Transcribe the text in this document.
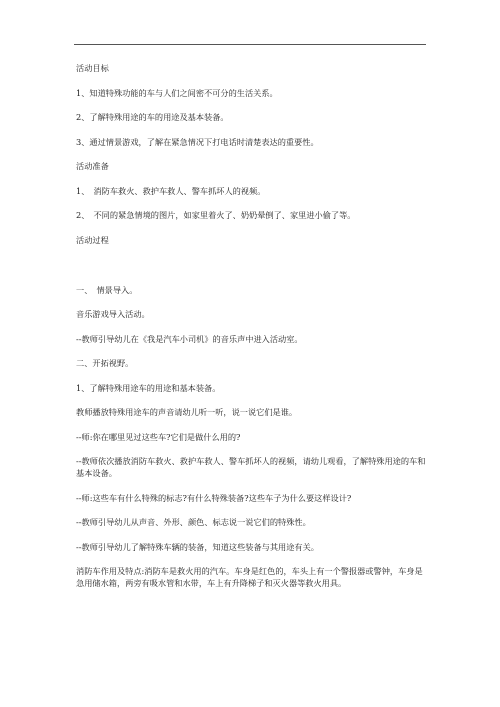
活动目标

1、知道特殊功能的车与人们之间密不可分的生活关系。

2、了解特殊用途的车的用途及基本装备。

3、通过情景游戏，了解在紧急情况下打电话时清楚表达的重要性。

活动准备

1、　消防车救火、救护车救人、警车抓坏人的视频。

2、　不同的紧急情境的图片，如家里着火了、奶奶晕倒了、家里进小偷了等。

活动过程

一、　情景导入。

音乐游戏导入活动。

--教师引导幼儿在《我是汽车小司机》的音乐声中进入活动室。

二、开拓视野。

1、了解特殊用途车的用途和基本装备。

教师播放特殊用途车的声音请幼儿听一听，说一说它们是谁。

--师:你在哪里见过这些车?它们是做什么用的?

--教师依次播放消防车救火、救护车救人、警车抓坏人的视频，请幼儿观看，了解特殊用途的车和基本设备。

--师:这些车有什么特殊的标志?有什么特殊装备?这些车子为什么要这样设计?

--教师引导幼儿从声音、外形、颜色、标志说一说它们的特殊性。

--教师引导幼儿了解特殊车辆的装备，知道这些装备与其用途有关。

消防车作用及特点:消防车是救火用的汽车。车身是红色的，车头上有一个警报器或警钟，车身是急用储水箱，两旁有吸水管和水带，车上有升降梯子和灭火器等救火用具。
